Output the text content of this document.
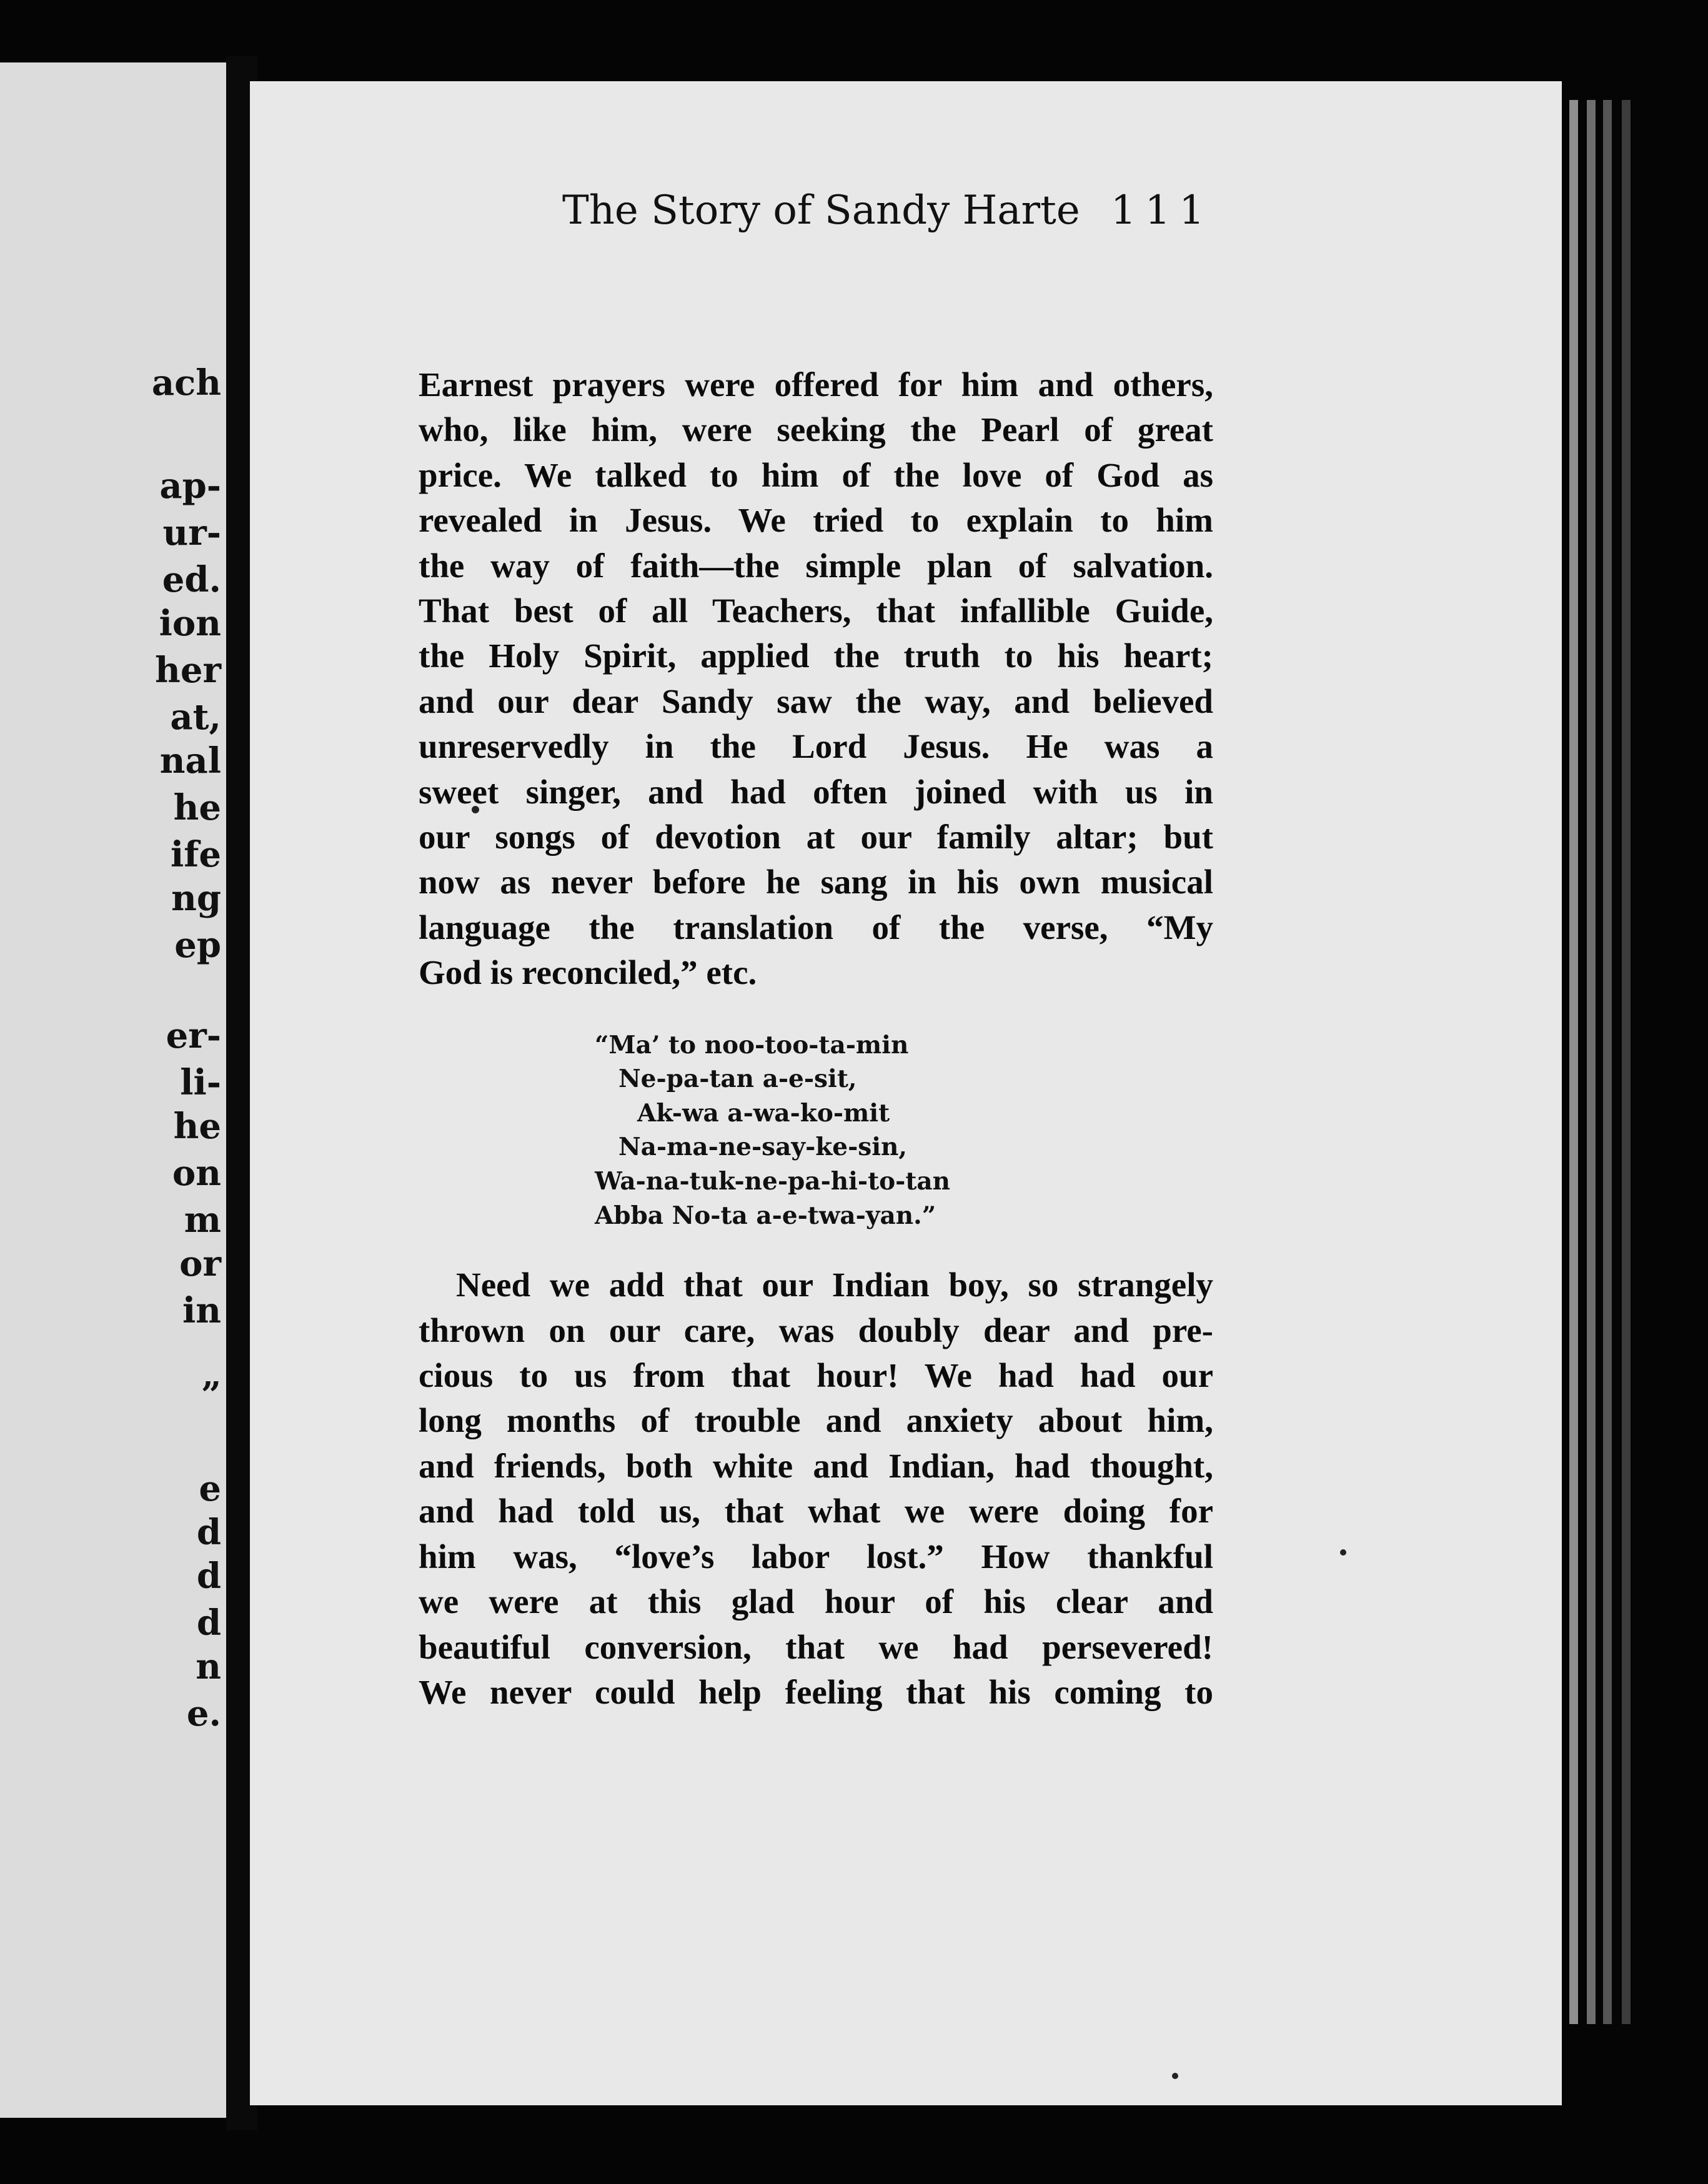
ach
ap-
ur-
ed.
ion
her
at,
nal
he
ife
ng
ep
er-
li-
he
on
m
or
in
”
e
d
d
d
n
e.
The Story of Sandy Harte 111

Earnest prayers were offered for him and others,
who, like him, were seeking the Pearl of great
price. We talked to him of the love of God as
revealed in Jesus. We tried to explain to him
the way of faith—the simple plan of salvation.
That best of all Teachers, that infallible Guide,
the Holy Spirit, applied the truth to his heart;
and our dear Sandy saw the way, and believed
unreservedly in the Lord Jesus. He was a
sweet singer, and had often joined with us in
our songs of devotion at our family altar; but
now as never before he sang in his own musical
language the translation of the verse, “My
God is reconciled,” etc.

“Ma’ to noo-too-ta-min
Ne-pa-tan a-e-sit,
Ak-wa a-wa-ko-mit
Na-ma-ne-say-ke-sin,
Wa-na-tuk-ne-pa-hi-to-tan
Abba No-ta a-e-twa-yan.”

Need we add that our Indian boy, so strangely
thrown on our care, was doubly dear and pre-
cious to us from that hour! We had had our
long months of trouble and anxiety about him,
and friends, both white and Indian, had thought,
and had told us, that what we were doing for
him was, “love’s labor lost.” How thankful
we were at this glad hour of his clear and
beautiful conversion, that we had persevered!
We never could help feeling that his coming to
